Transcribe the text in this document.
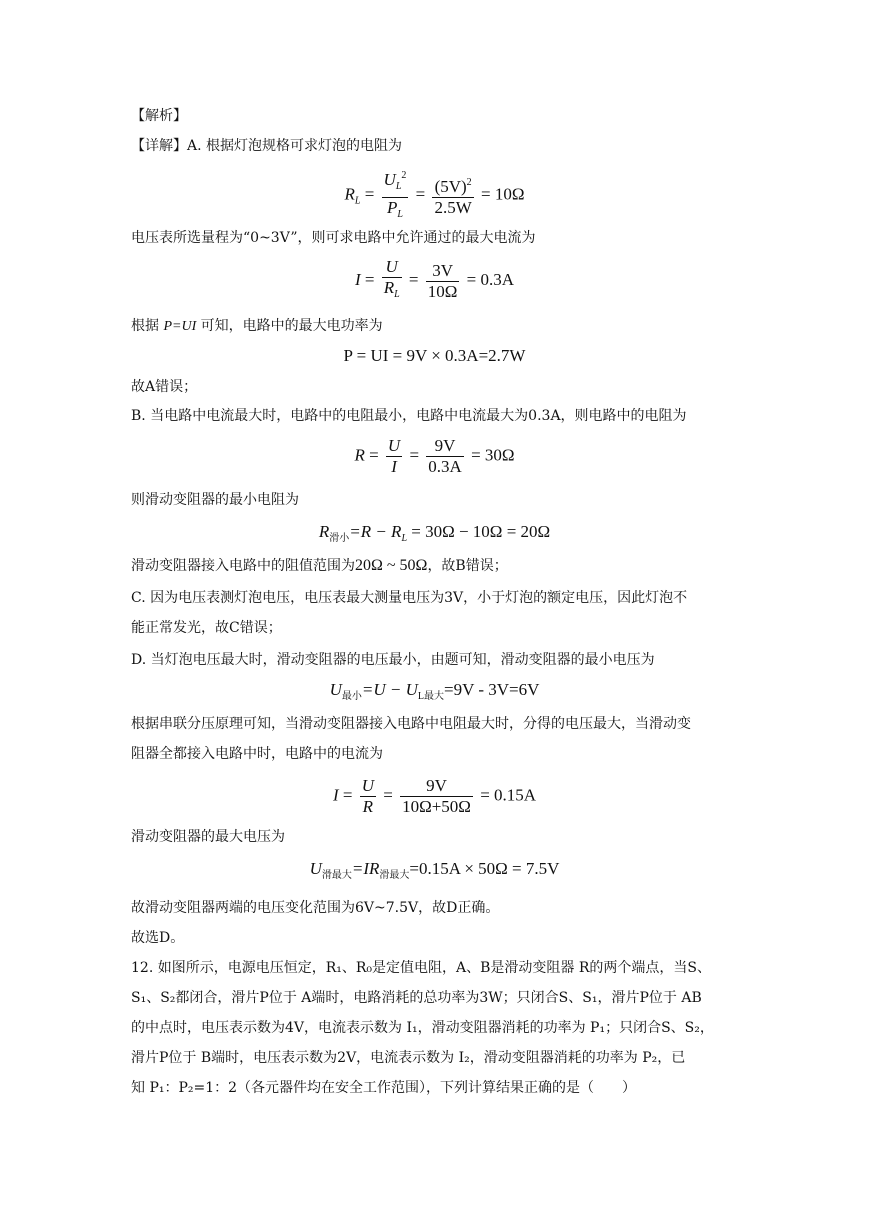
【解析】
【详解】A. 根据灯泡规格可求灯泡的电阻为
$R_L = \frac{U_L^2}{P_L} = \frac{(5V)^2}{2.5W} = 10\Omega$
电压表所选量程为“0~3V”，则可求电路中允许通过的最大电流为
$I = \frac{U}{R_L} = \frac{3V}{10\Omega} = 0.3A$
根据 P=UI 可知，电路中的最大电功率为
P = UI = 9V × 0.3A=2.7W
故A错误；
B. 当电路中电流最大时，电路中的电阻最小，电路中电流最大为0.3A，则电路中的电阻为
$R = \frac{U}{I} = \frac{9V}{0.3A} = 30\Omega$
则滑动变阻器的最小电阻为
$R_{滑小}=R - R_L = 30\Omega - 10\Omega = 20\Omega$
滑动变阻器接入电路中的阻值范围为20Ω ~ 50Ω，故B错误；
C. 因为电压表测灯泡电压，电压表最大测量电压为3V，小于灯泡的额定电压，因此灯泡不
能正常发光，故C错误；
D. 当灯泡电压最大时，滑动变阻器的电压最小，由题可知，滑动变阻器的最小电压为
$U_{最小}=U - U_{L最大}=9V - 3V=6V$
根据串联分压原理可知，当滑动变阻器接入电路中电阻最大时，分得的电压最大，当滑动变
阻器全都接入电路中时，电路中的电流为
$I = \frac{U}{R} = \frac{9V}{10\Omega+50\Omega} = 0.15A$
滑动变阻器的最大电压为
$U_{滑最大}=IR_{滑最大}=0.15A \times 50\Omega = 7.5V$
故滑动变阻器两端的电压变化范围为6V~7.5V，故D正确。
故选D。
12. 如图所示，电源电压恒定，R₁、R₀是定值电阻，A、B是滑动变阻器 R的两个端点，当S、
S₁、S₂都闭合，滑片P位于 A端时，电路消耗的总功率为3W；只闭合S、S₁，滑片P位于 AB
的中点时，电压表示数为4V，电流表示数为 I₁，滑动变阻器消耗的功率为 P₁；只闭合S、S₂，
滑片P位于 B端时，电压表示数为2V，电流表示数为 I₂，滑动变阻器消耗的功率为 P₂，已
知 P₁：P₂=1：2（各元器件均在安全工作范围），下列计算结果正确的是（　　）
